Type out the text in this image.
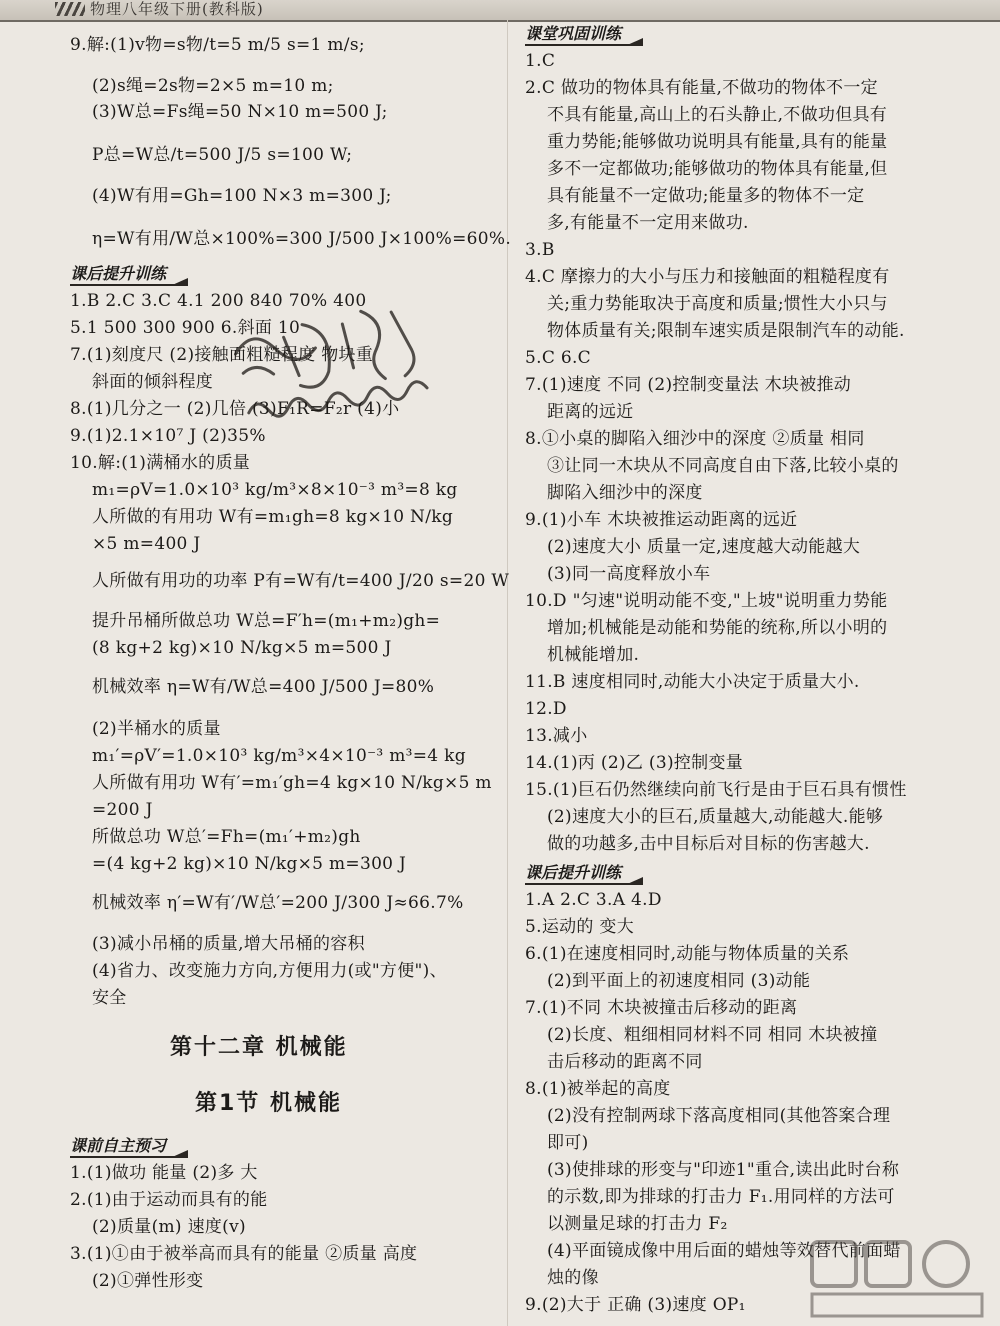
物理八年级下册(教科版)
9.解:(1)v物=s物/t=5 m/5 s=1 m/s;
(2)s绳=2s物=2×5 m=10 m;
(3)W总=Fs绳=50 N×10 m=500 J;
P总=W总/t=500 J/5 s=100 W;
(4)W有用=Gh=100 N×3 m=300 J;
η=W有用/W总×100%=300 J/500 J×100%=60%.
课后提升训练
1.B 2.C 3.C 4.1 200 840 70% 400
5.1 500 300 900 6.斜面 10
7.(1)刻度尺 (2)接触面粗糙程度 物块重
斜面的倾斜程度
8.(1)几分之一 (2)几倍 (3)F₁R=F₂r (4)小
9.(1)2.1×10⁷ J (2)35%
10.解:(1)满桶水的质量
m₁=ρV=1.0×10³ kg/m³×8×10⁻³ m³=8 kg
人所做的有用功 W有=m₁gh=8 kg×10 N/kg
×5 m=400 J
人所做有用功的功率 P有=W有/t=400 J/20 s=20 W
提升吊桶所做总功 W总=F′h=(m₁+m₂)gh=
(8 kg+2 kg)×10 N/kg×5 m=500 J
机械效率 η=W有/W总=400 J/500 J=80%
(2)半桶水的质量
m₁′=ρV′=1.0×10³ kg/m³×4×10⁻³ m³=4 kg
人所做有用功 W有′=m₁′gh=4 kg×10 N/kg×5 m
=200 J
所做总功 W总′=Fh=(m₁′+m₂)gh
=(4 kg+2 kg)×10 N/kg×5 m=300 J
机械效率 η′=W有′/W总′=200 J/300 J≈66.7%
(3)减小吊桶的质量,增大吊桶的容积
(4)省力、改变施力方向,方便用力(或"方便")、
安全
第十二章 机械能
第1节 机械能
课前自主预习
1.(1)做功 能量 (2)多 大
2.(1)由于运动而具有的能
(2)质量(m) 速度(v)
3.(1)①由于被举高而具有的能量 ②质量 高度
(2)①弹性形变
课堂巩固训练
1.C
2.C 做功的物体具有能量,不做功的物体不一定
不具有能量,高山上的石头静止,不做功但具有
重力势能;能够做功说明具有能量,具有的能量
多不一定都做功;能够做功的物体具有能量,但
具有能量不一定做功;能量多的物体不一定
多,有能量不一定用来做功.
3.B
4.C 摩擦力的大小与压力和接触面的粗糙程度有
关;重力势能取决于高度和质量;惯性大小只与
物体质量有关;限制车速实质是限制汽车的动能.
5.C 6.C
7.(1)速度 不同 (2)控制变量法 木块被推动
距离的远近
8.①小桌的脚陷入细沙中的深度 ②质量 相同
③让同一木块从不同高度自由下落,比较小桌的
脚陷入细沙中的深度
9.(1)小车 木块被推运动距离的远近
(2)速度大小 质量一定,速度越大动能越大
(3)同一高度释放小车
10.D "匀速"说明动能不变,"上坡"说明重力势能
增加;机械能是动能和势能的统称,所以小明的
机械能增加.
11.B 速度相同时,动能大小决定于质量大小.
12.D
13.减小
14.(1)丙 (2)乙 (3)控制变量
15.(1)巨石仍然继续向前飞行是由于巨石具有惯性
(2)速度大小的巨石,质量越大,动能越大.能够
做的功越多,击中目标后对目标的伤害越大.
课后提升训练
1.A 2.C 3.A 4.D
5.运动的 变大
6.(1)在速度相同时,动能与物体质量的关系
(2)到平面上的初速度相同 (3)动能
7.(1)不同 木块被撞击后移动的距离
(2)长度、粗细相同材料不同 相同 木块被撞
击后移动的距离不同
8.(1)被举起的高度
(2)没有控制两球下落高度相同(其他答案合理
即可)
(3)使排球的形变与"印迹1"重合,读出此时台称
的示数,即为排球的打击力 F₁.用同样的方法可
以测量足球的打击力 F₂
(4)平面镜成像中用后面的蜡烛等效替代前面蜡
烛的像
9.(2)大于 正确 (3)速度 OP₁
